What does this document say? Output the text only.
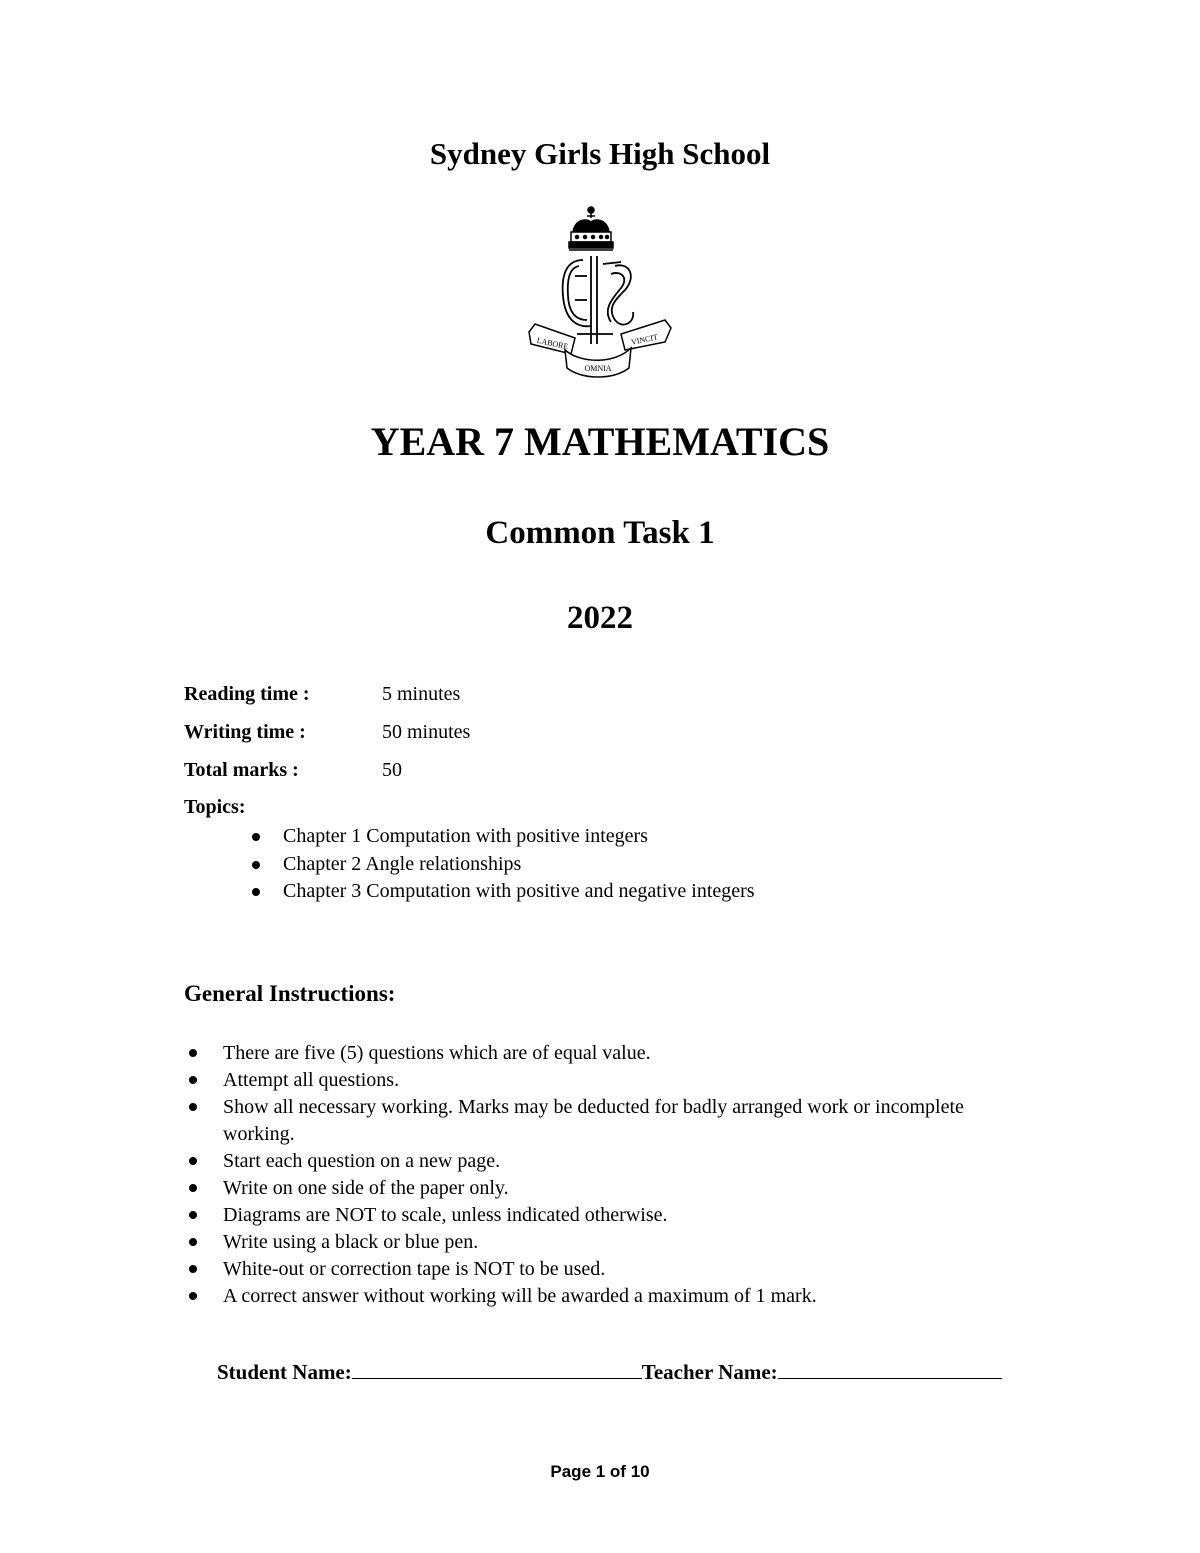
Sydney Girls High School
LABORE	VINCIT
OMNIA
YEAR 7 MATHEMATICS
Common Task 1
2022
Reading time :	5 minutes
Writing time :	50 minutes
Total marks :	50
Topics:
Chapter 1 Computation with positive integers
Chapter 2 Angle relationships
Chapter 3 Computation with positive and negative integers
General Instructions:
There are five (5) questions which are of equal value.
Attempt all questions.
Show all necessary working. Marks may be deducted for badly arranged work or incomplete working.
Start each question on a new page.
Write on one side of the paper only.
Diagrams are NOT to scale, unless indicated otherwise.
Write using a black or blue pen.
White-out or correction tape is NOT to be used.
A correct answer without working will be awarded a maximum of 1 mark.
Student Name:	Teacher Name:
Page 1 of 10
